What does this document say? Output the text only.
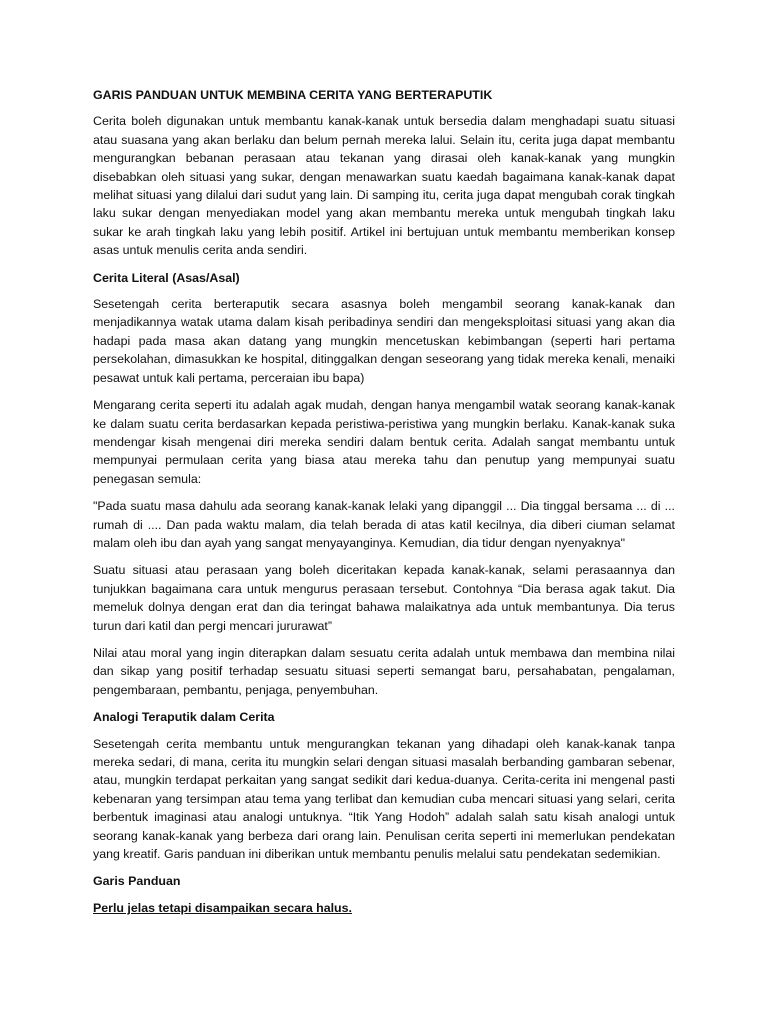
GARIS PANDUAN UNTUK MEMBINA CERITA YANG BERTERAPUTIK

Cerita boleh digunakan untuk membantu kanak-kanak untuk bersedia dalam menghadapi suatu situasi atau suasana yang akan berlaku dan belum pernah mereka lalui. Selain itu, cerita juga dapat membantu mengurangkan bebanan perasaan atau tekanan yang dirasai oleh kanak-kanak yang mungkin disebabkan oleh situasi yang sukar, dengan menawarkan suatu kaedah bagaimana kanak-kanak dapat melihat situasi yang dilalui dari sudut yang lain. Di samping itu, cerita juga dapat mengubah corak tingkah laku sukar dengan menyediakan model yang akan membantu mereka untuk mengubah tingkah laku sukar ke arah tingkah laku yang lebih positif. Artikel ini bertujuan untuk membantu memberikan konsep asas untuk menulis cerita anda sendiri.

Cerita Literal (Asas/Asal)

Sesetengah cerita berteraputik secara asasnya boleh mengambil seorang kanak-kanak dan menjadikannya watak utama dalam kisah peribadinya sendiri dan mengeksploitasi situasi yang akan dia hadapi pada masa akan datang yang mungkin mencetuskan kebimbangan (seperti hari pertama persekolahan, dimasukkan ke hospital, ditinggalkan dengan seseorang yang tidak mereka kenali, menaiki pesawat untuk kali pertama, perceraian ibu bapa)

Mengarang cerita seperti itu adalah agak mudah, dengan hanya mengambil watak seorang kanak-kanak ke dalam suatu cerita berdasarkan kepada peristiwa-peristiwa yang mungkin berlaku. Kanak-kanak suka mendengar kisah mengenai diri mereka sendiri dalam bentuk cerita. Adalah sangat membantu untuk mempunyai permulaan cerita yang biasa atau mereka tahu dan penutup yang mempunyai suatu penegasan semula:

"Pada suatu masa dahulu ada seorang kanak-kanak lelaki yang dipanggil ... Dia tinggal bersama ... di ... rumah di .... Dan pada waktu malam, dia telah berada di atas katil kecilnya, dia diberi ciuman selamat malam oleh ibu dan ayah yang sangat menyayanginya. Kemudian, dia tidur dengan nyenyaknya"

Suatu situasi atau perasaan yang boleh diceritakan kepada kanak-kanak, selami perasaannya dan tunjukkan bagaimana cara untuk mengurus perasaan tersebut. Contohnya “Dia berasa agak takut. Dia memeluk dolnya dengan erat dan dia teringat bahawa malaikatnya ada untuk membantunya. Dia terus turun dari katil dan pergi mencari jururawat”

Nilai atau moral yang ingin diterapkan dalam sesuatu cerita adalah untuk membawa dan membina nilai dan sikap yang positif terhadap sesuatu situasi seperti semangat baru, persahabatan, pengalaman, pengembaraan, pembantu, penjaga, penyembuhan.

Analogi Teraputik dalam Cerita

Sesetengah cerita membantu untuk mengurangkan tekanan yang dihadapi oleh kanak-kanak tanpa mereka sedari, di mana, cerita itu mungkin selari dengan situasi masalah berbanding gambaran sebenar, atau, mungkin terdapat perkaitan yang sangat sedikit dari kedua-duanya. Cerita-cerita ini mengenal pasti kebenaran yang tersimpan atau tema yang terlibat dan kemudian cuba mencari situasi yang selari, cerita berbentuk imaginasi atau analogi untuknya. “Itik Yang Hodoh” adalah salah satu kisah analogi untuk seorang kanak-kanak yang berbeza dari orang lain. Penulisan cerita seperti ini memerlukan pendekatan yang kreatif. Garis panduan ini diberikan untuk membantu penulis melalui satu pendekatan sedemikian.

Garis Panduan

Perlu jelas tetapi disampaikan secara halus.
